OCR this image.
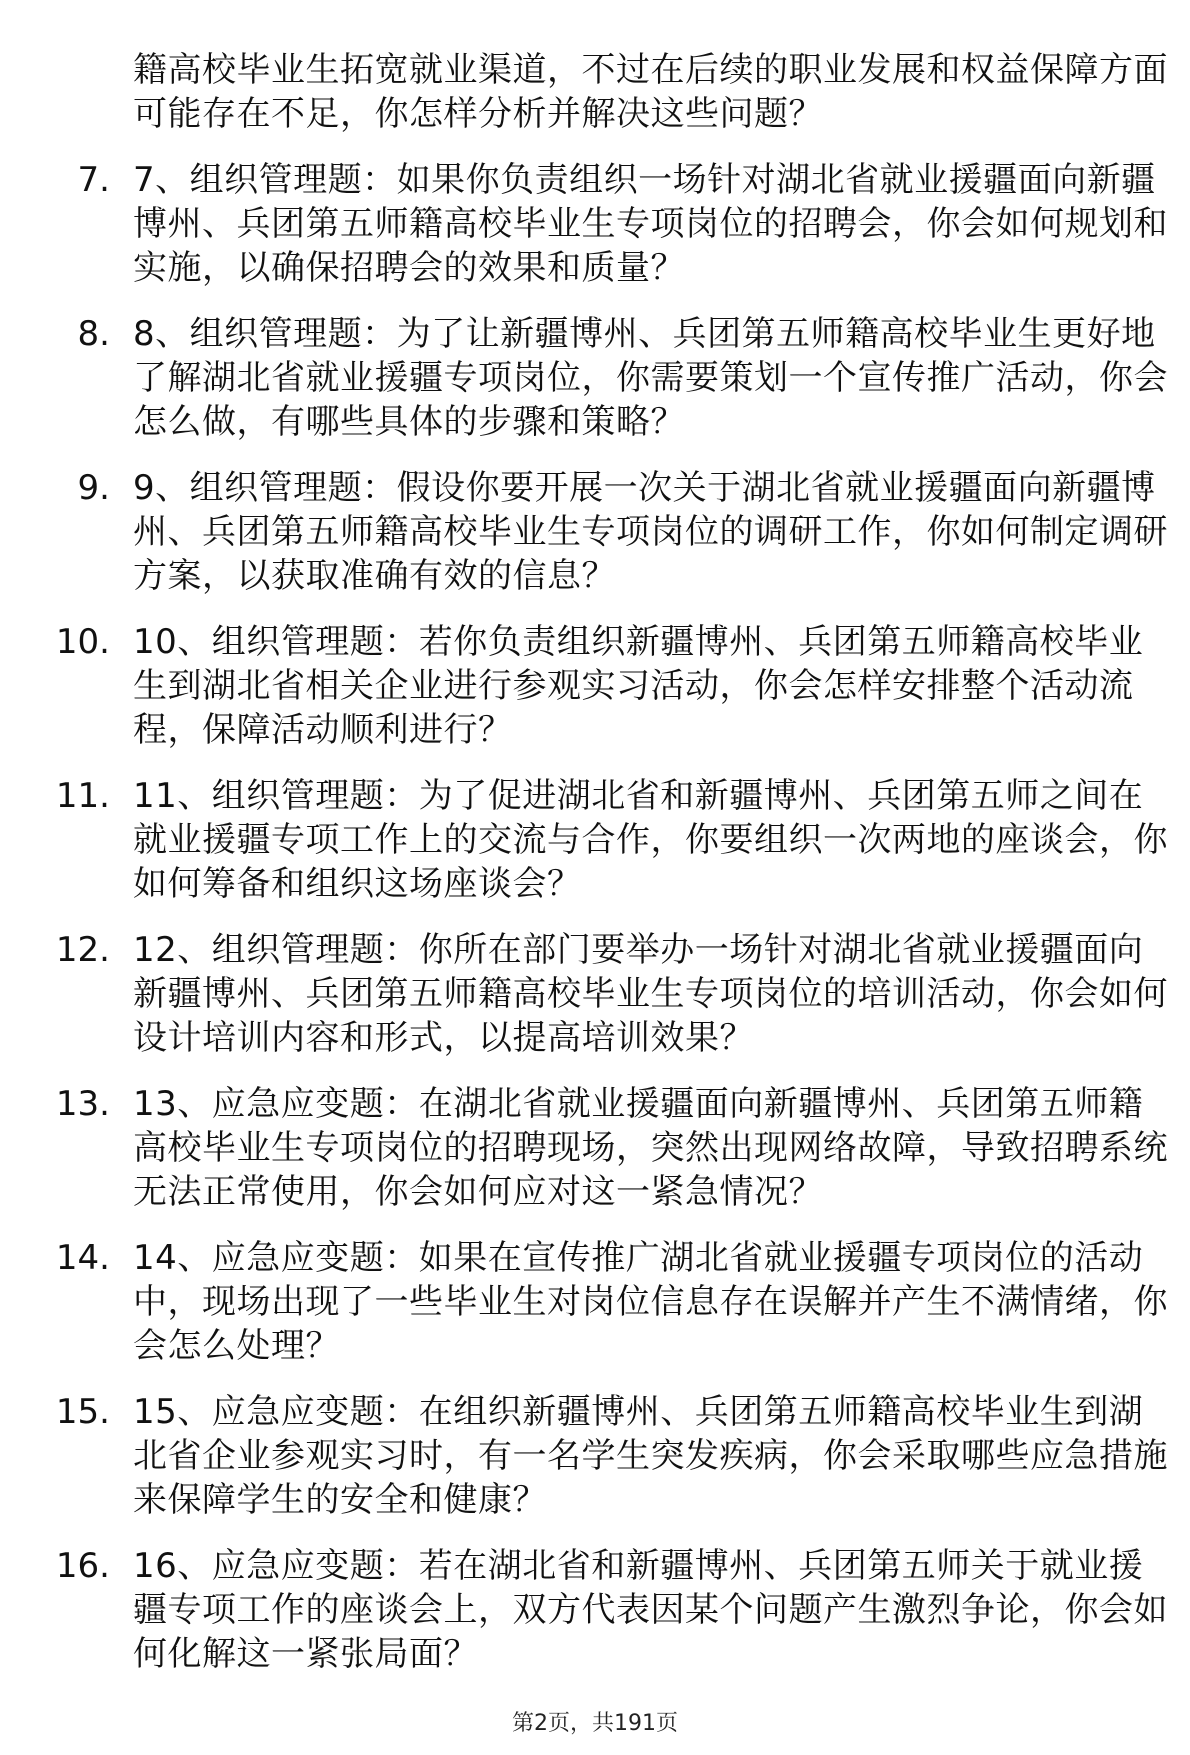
籍高校毕业生拓宽就业渠道，不过在后续的职业发展和权益保障方面可能存在不足，你怎样分析并解决这些问题？
7. 7、组织管理题：如果你负责组织一场针对湖北省就业援疆面向新疆博州、兵团第五师籍高校毕业生专项岗位的招聘会，你会如何规划和实施，以确保招聘会的效果和质量？
8. 8、组织管理题：为了让新疆博州、兵团第五师籍高校毕业生更好地了解湖北省就业援疆专项岗位，你需要策划一个宣传推广活动，你会怎么做，有哪些具体的步骤和策略？
9. 9、组织管理题：假设你要开展一次关于湖北省就业援疆面向新疆博州、兵团第五师籍高校毕业生专项岗位的调研工作，你如何制定调研方案，以获取准确有效的信息？
10. 10、组织管理题：若你负责组织新疆博州、兵团第五师籍高校毕业生到湖北省相关企业进行参观实习活动，你会怎样安排整个活动流程，保障活动顺利进行？
11. 11、组织管理题：为了促进湖北省和新疆博州、兵团第五师之间在就业援疆专项工作上的交流与合作，你要组织一次两地的座谈会，你如何筹备和组织这场座谈会？
12. 12、组织管理题：你所在部门要举办一场针对湖北省就业援疆面向新疆博州、兵团第五师籍高校毕业生专项岗位的培训活动，你会如何设计培训内容和形式，以提高培训效果？
13. 13、应急应变题：在湖北省就业援疆面向新疆博州、兵团第五师籍高校毕业生专项岗位的招聘现场，突然出现网络故障，导致招聘系统无法正常使用，你会如何应对这一紧急情况？
14. 14、应急应变题：如果在宣传推广湖北省就业援疆专项岗位的活动中，现场出现了一些毕业生对岗位信息存在误解并产生不满情绪，你会怎么处理？
15. 15、应急应变题：在组织新疆博州、兵团第五师籍高校毕业生到湖北省企业参观实习时，有一名学生突发疾病，你会采取哪些应急措施来保障学生的安全和健康？
16. 16、应急应变题：若在湖北省和新疆博州、兵团第五师关于就业援疆专项工作的座谈会上，双方代表因某个问题产生激烈争论，你会如何化解这一紧张局面？
第2页，共191页
